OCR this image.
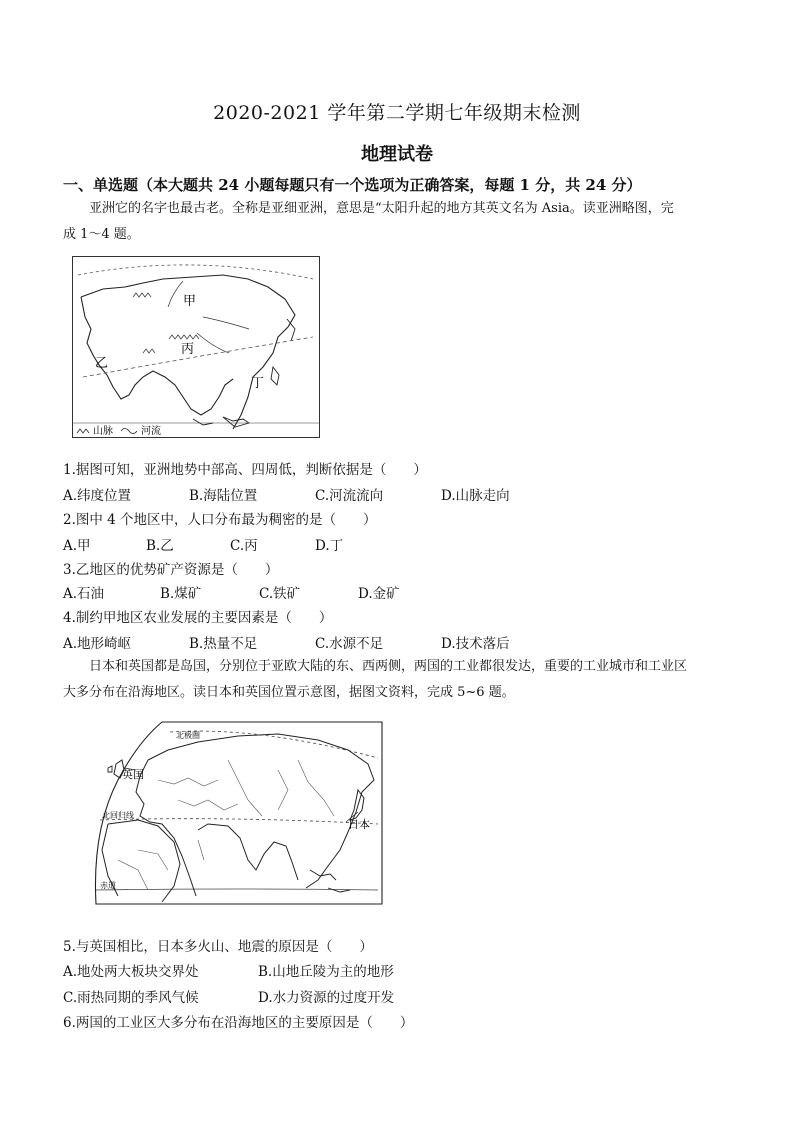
2020-2021 学年第二学期七年级期末检测
地理试卷
一、单选题（本大题共 24 小题每题只有一个选项为正确答案，每题 1 分，共 24 分）
亚洲它的名字也最古老。全称是亚细亚洲，意思是“太阳升起的地方其英文名为 Asia。读亚洲略图，完
成 1～4 题。
甲
丙
乙
丁
山脉	河流
1.据图可知，亚洲地势中部高、四周低，判断依据是（　　）
A.纬度位置	B.海陆位置	C.河流流向	D.山脉走向
2.图中 4 个地区中，人口分布最为稠密的是（　　）
A.甲	B.乙	C.丙	D.丁
3.乙地区的优势矿产资源是（　　）
A.石油	B.煤矿	C.铁矿	D.金矿
4.制约甲地区农业发展的主要因素是（　　）
A.地形崎岖	B.热量不足	C.水源不足	D.技术落后
日本和英国都是岛国，分别位于亚欧大陆的东、西两侧，两国的工业都很发达，重要的工业城市和工业区
大多分布在沿海地区。读日本和英国位置示意图，据图文资料，完成 5~6 题。
北极圈
英国
日本
北回归线
赤道
5.与英国相比，日本多火山、地震的原因是（　　）
A.地处两大板块交界处	B.山地丘陵为主的地形
C.雨热同期的季风气候	D.水力资源的过度开发
6.两国的工业区大多分布在沿海地区的主要原因是（　　）
